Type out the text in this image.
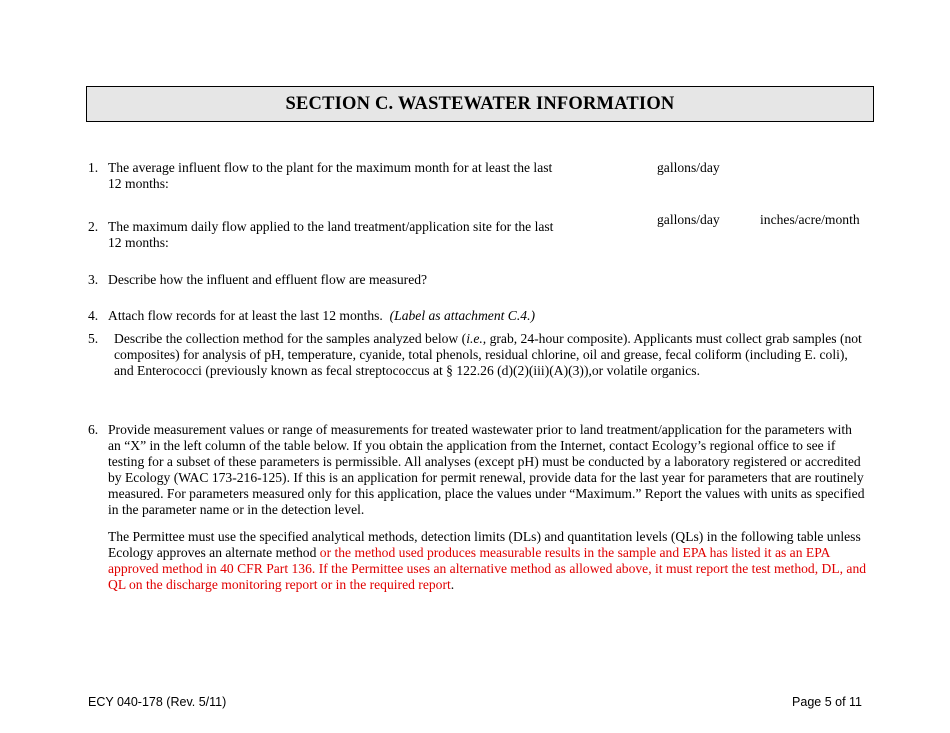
SECTION C. WASTEWATER INFORMATION
1. The average influent flow to the plant for the maximum month for at least the last 12 months:

gallons/day
2. The maximum daily flow applied to the land treatment/application site for the last 12 months:

gallons/day	inches/acre/month
3. Describe how the influent and effluent flow are measured?

4. Attach flow records for at least the last 12 months. (Label as attachment C.4.)

5. Describe the collection method for the samples analyzed below (i.e., grab, 24-hour composite). Applicants must collect grab samples (not composites) for analysis of pH, temperature, cyanide, total phenols, residual chlorine, oil and grease, fecal coliform (including E. coli), and Enterococci (previously known as fecal streptococcus at § 122.26 (d)(2)(iii)(A)(3)),or volatile organics.

6. Provide measurement values or range of measurements for treated wastewater prior to land treatment/application for the parameters with an “X” in the left column of the table below. If you obtain the application from the Internet, contact Ecology’s regional office to see if testing for a subset of these parameters is permissible. All analyses (except pH) must be conducted by a laboratory registered or accredited by Ecology (WAC 173-216-125). If this is an application for permit renewal, provide data for the last year for parameters that are routinely measured. For parameters measured only for this application, place the values under “Maximum.” Report the values with units as specified in the parameter name or in the detection level.

The Permittee must use the specified analytical methods, detection limits (DLs) and quantitation levels (QLs) in the following table unless Ecology approves an alternate method or the method used produces measurable results in the sample and EPA has listed it as an EPA approved method in 40 CFR Part 136. If the Permittee uses an alternative method as allowed above, it must report the test method, DL, and QL on the discharge monitoring report or in the required report.

ECY 040-178 (Rev. 5/11)	Page 5 of 11
